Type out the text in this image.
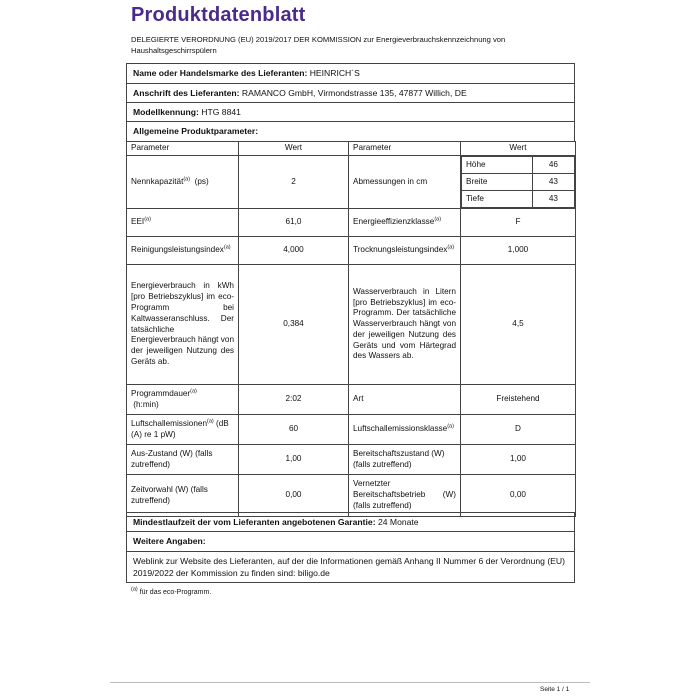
Produktdatenblatt
DELEGIERTE VERORDNUNG (EU) 2019/2017 DER KOMMISSION zur Energieverbrauchskennzeichnung von Haushaltsgeschirrspülern
Name oder Handelsmarke des Lieferanten:
HEINRICH´S
Anschrift des Lieferanten:
RAMANCO GmbH, Virmondstrasse 135, 47877 Willich, DE
Modellkennung:
HTG 8841
Allgemeine Produktparameter:
Parameter	Wert	Parameter	Wert
Nennkapazität$^{(a)}$ (ps)	2	Abmessungen in cm	
Höhe	46
Breite	43
Tiefe	43

EEI$^{(a)}$	61,0	Energieeffizienzklasse$^{(a)}$	F
Reinigungsleistungsindex$^{(a)}$	4,000	Trocknungsleistungsindex$^{(a)}$	1,000
Energieverbrauch in kWh [pro Betriebszyklus] im eco-Programm bei Kaltwasseranschluss. Der tatsächliche Energieverbrauch hängt von der jeweiligen Nutzung des Geräts ab.	0,384	Wasserverbrauch in Litern [pro Betriebszyklus] im eco-Programm. Der tatsächliche Wasserverbrauch hängt von der jeweiligen Nutzung des Geräts und vom Härtegrad des Wassers ab.	4,5
Programmdauer$^{(a)}$
(h:min)	2:02	Art	Freistehend
Luftschallemissionen$^{(a)}$ (dB (A) re 1 pW)	60	Luftschallemissionsklasse$^{(a)}$	D
Aus-Zustand (W) (falls zutreffend)	1,00	Bereitschaftszustand (W) (falls zutreffend)	1,00
Zeitvorwahl (W) (falls zutreffend)	0,00	Vernetzter Bereitschaftsbetrieb (W) (falls zutreffend)	0,00
Mindestlaufzeit der vom Lieferanten angebotenen Garantie:
24 Monate
Weitere Angaben:
Weblink zur Website des Lieferanten, auf der die Informationen gemäß Anhang II Nummer 6 der Verordnung (EU) 2019/2022 der Kommission zu finden sind: biligo.de
$^{(a)}$ für das eco-Programm.
Seite 1 / 1
